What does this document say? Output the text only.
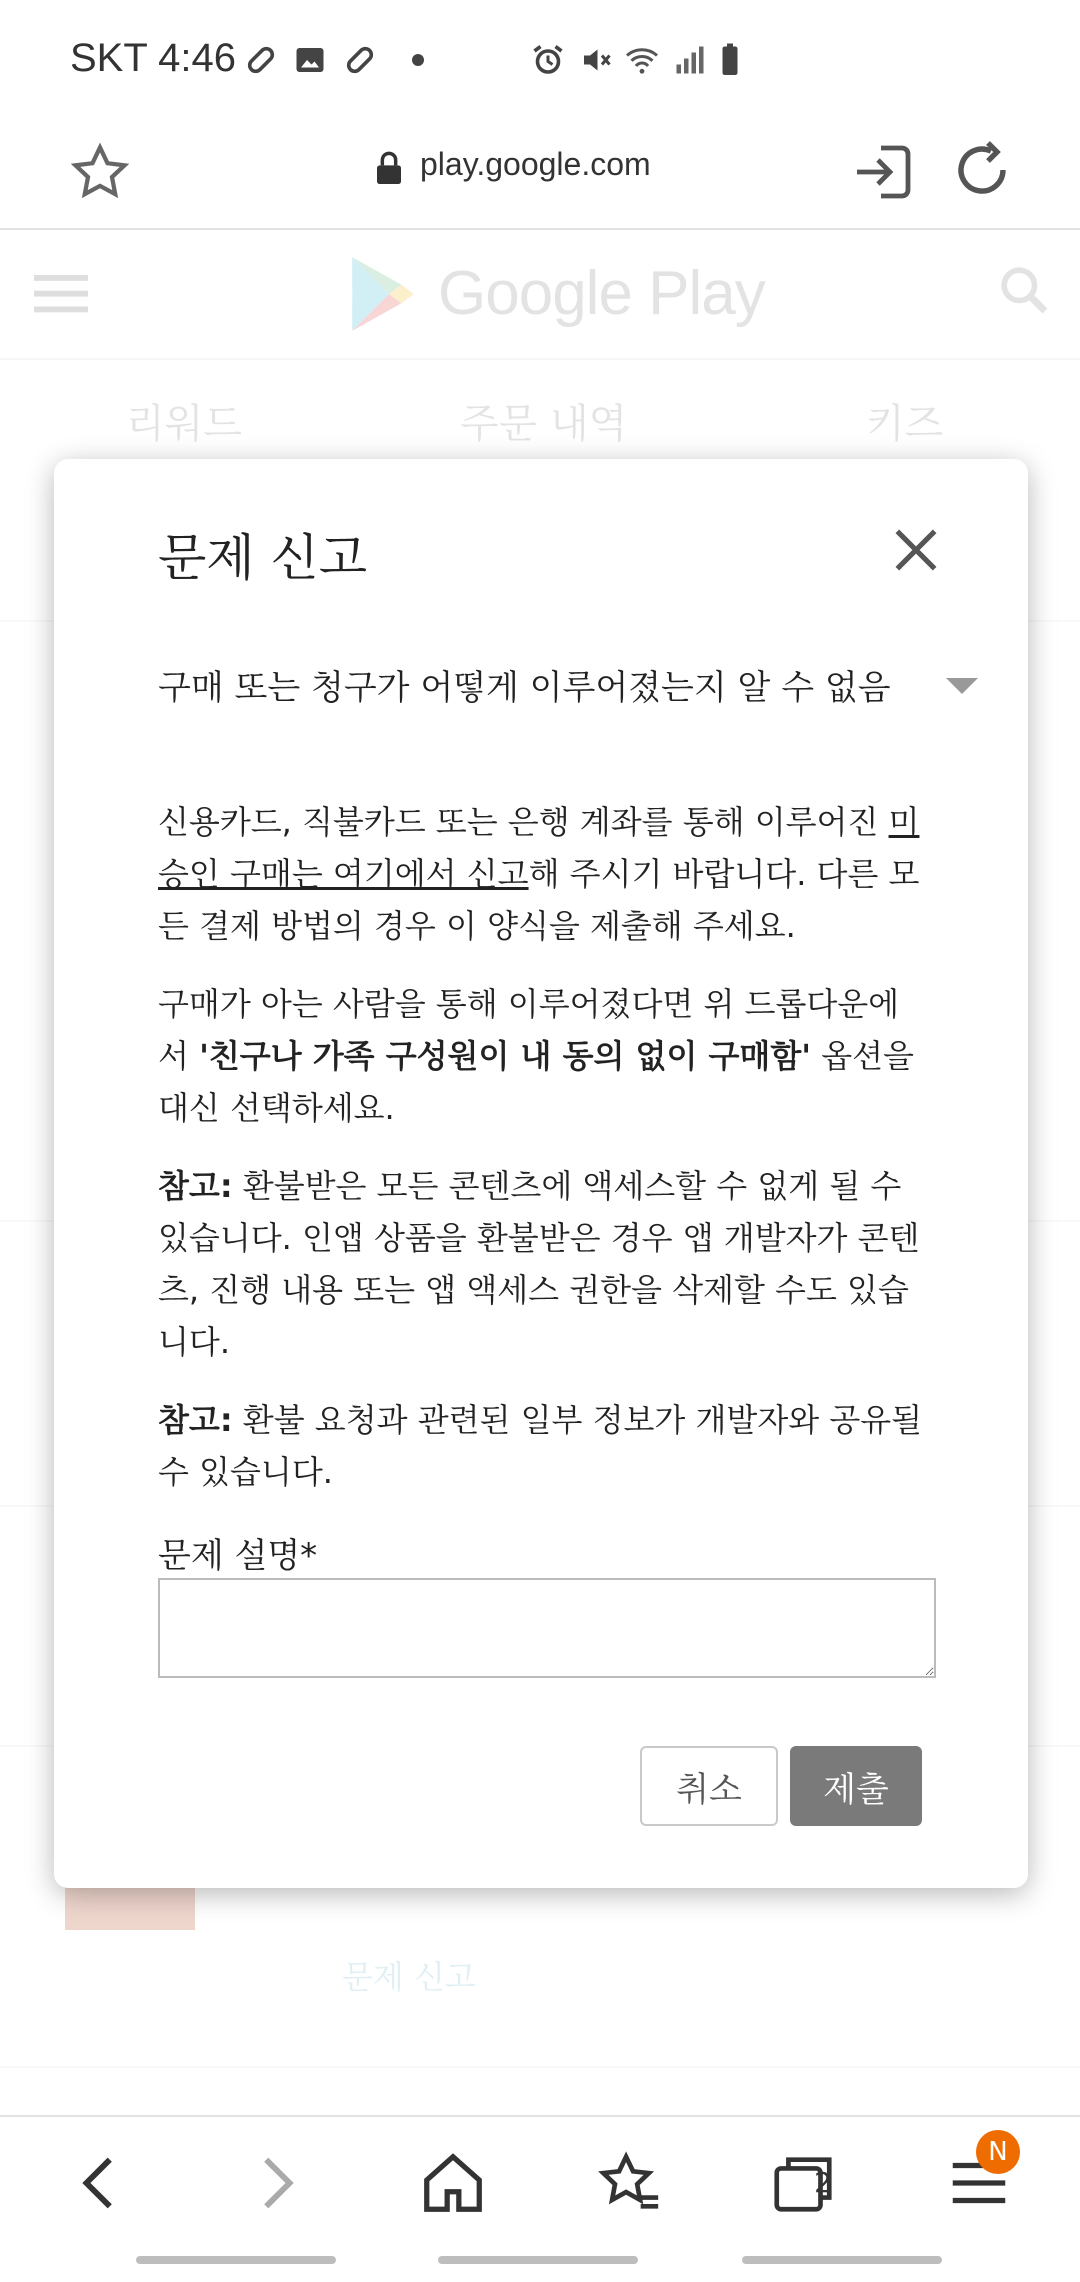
SKT 4:46
play.google.com
문제 신고
구매 또는 청구가 어떻게 이루어졌는지 알 수 없음
신용카드, 직불카드 또는 은행 계좌를 통해 이루어진 미승인 구매는 여기에서 신고해 주시기 바랍니다. 다른 모든 결제 방법의 경우 이 양식을 제출해 주세요.
구매가 아는 사람을 통해 이루어졌다면 위 드롭다운에서 '친구나 가족 구성원이 내 동의 없이 구매함' 옵션을 대신 선택하세요.
참고: 환불받은 모든 콘텐츠에 액세스할 수 없게 될 수 있습니다. 인앱 상품을 환불받은 경우 앱 개발자가 콘텐츠, 진행 내용 또는 앱 액세스 권한을 삭제할 수도 있습니다.
참고: 환불 요청과 관련된 일부 정보가 개발자와 공유될 수 있습니다.
문제 설명*
취소	제출
2
N
